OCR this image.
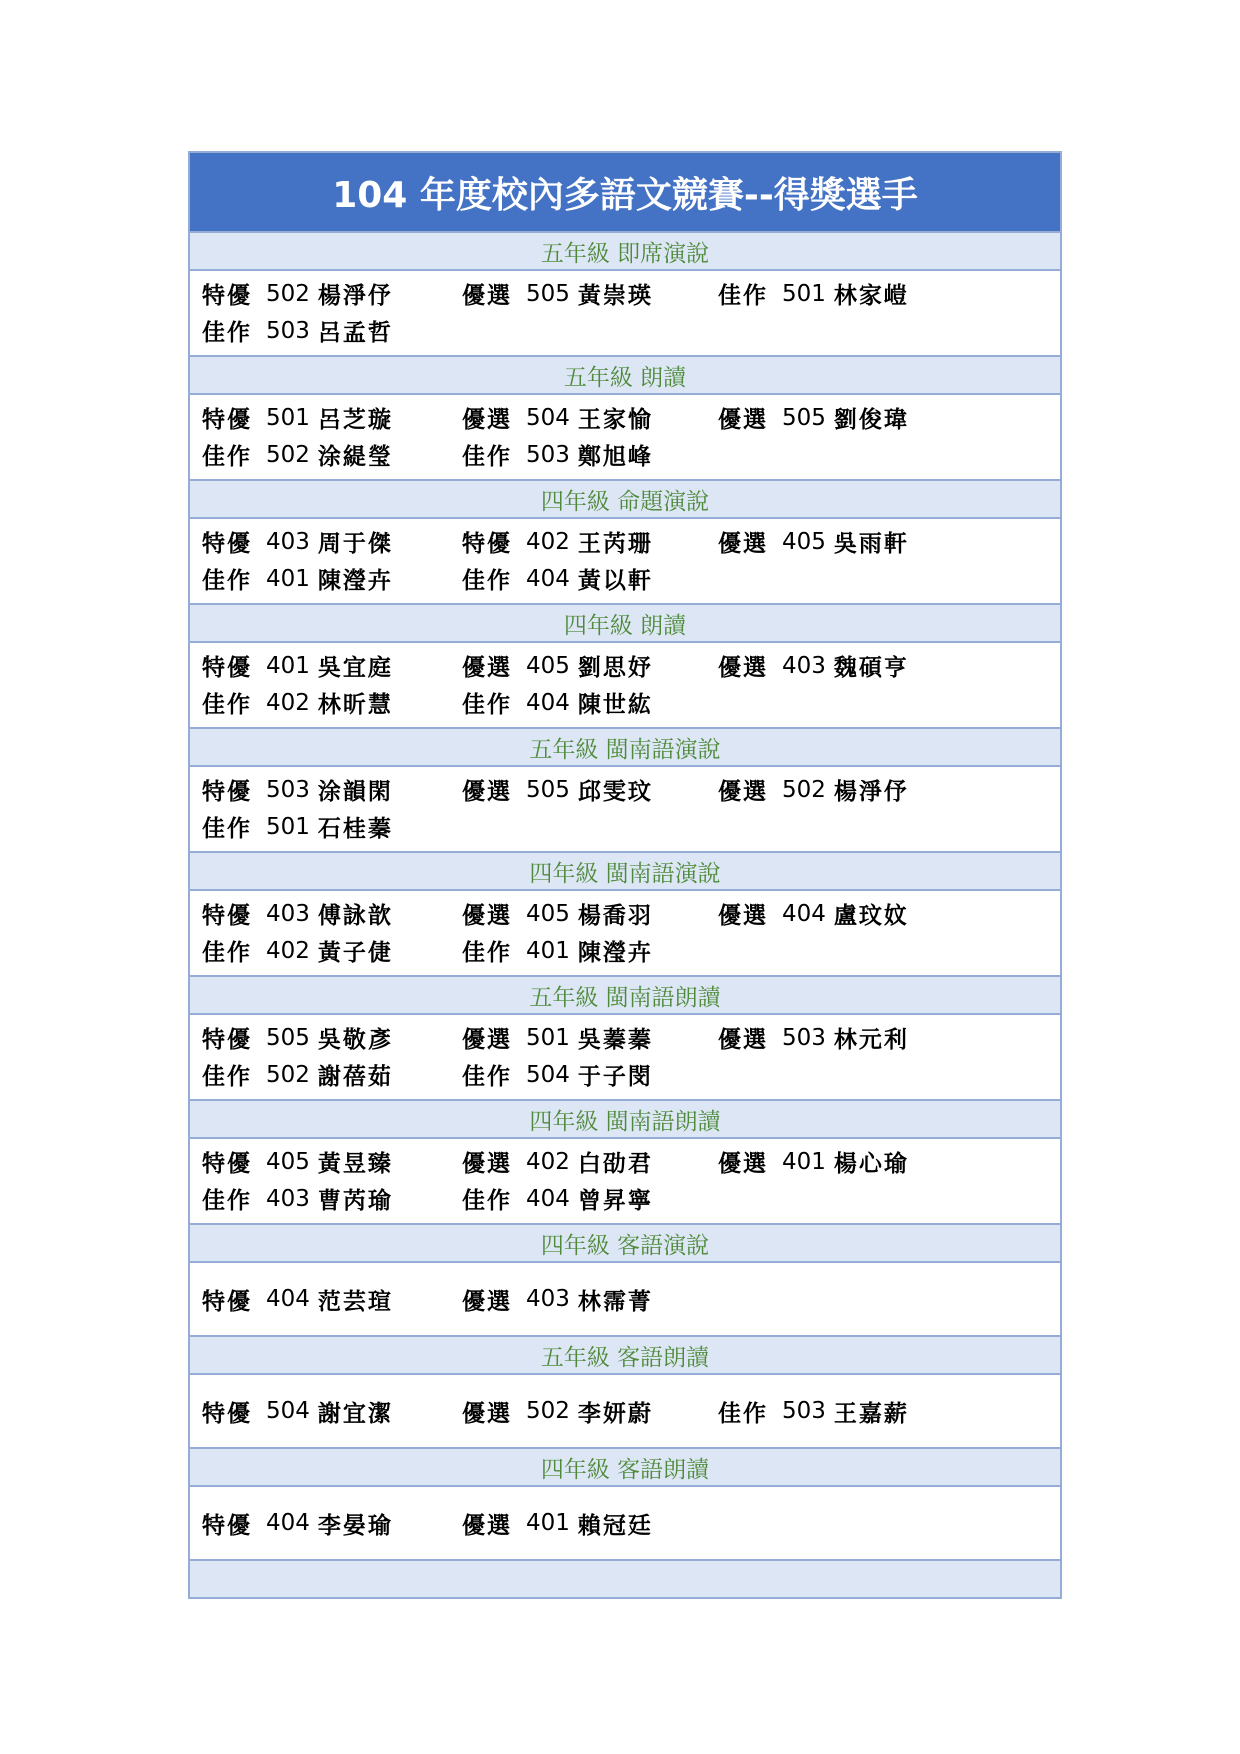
104 年度校內多語文競賽--得獎選手
五年級 即席演說
特優 502 楊淨伃	優選 505 黃崇瑛	佳作 501 林家嵦
佳作 503 呂孟哲
五年級 朗讀
特優 501 呂芝璇	優選 504 王家愉	優選 505 劉俊瑋
佳作 502 涂緹瑩	佳作 503 鄭旭峰
四年級 命題演說
特優 403 周于傑	特優 402 王芮珊	優選 405 吳雨軒
佳作 401 陳瀅卉	佳作 404 黃以軒
四年級 朗讀
特優 401 吳宜庭	優選 405 劉思妤	優選 403 魏碩亨
佳作 402 林昕慧	佳作 404 陳世紘
五年級 閩南語演說
特優 503 涂韻閑	優選 505 邱雯玟	優選 502 楊淨伃
佳作 501 石桂蓁
四年級 閩南語演說
特優 403 傅詠歆	優選 405 楊喬羽	優選 404 盧玟妏
佳作 402 黃子倢	佳作 401 陳瀅卉
五年級 閩南語朗讀
特優 505 吳敬彥	優選 501 吳蓁蓁	優選 503 林元利
佳作 502 謝蓓茹	佳作 504 于子閔
四年級 閩南語朗讀
特優 405 黃昱臻	優選 402 白劭君	優選 401 楊心瑜
佳作 403 曹芮瑜	佳作 404 曾昇寧
四年級 客語演說
特優 404 范芸瑄	優選 403 林霈菁
五年級 客語朗讀
特優 504 謝宜潔	優選 502 李妍蔚	佳作 503 王嘉薪
四年級 客語朗讀
特優 404 李晏瑜	優選 401 賴冠廷
